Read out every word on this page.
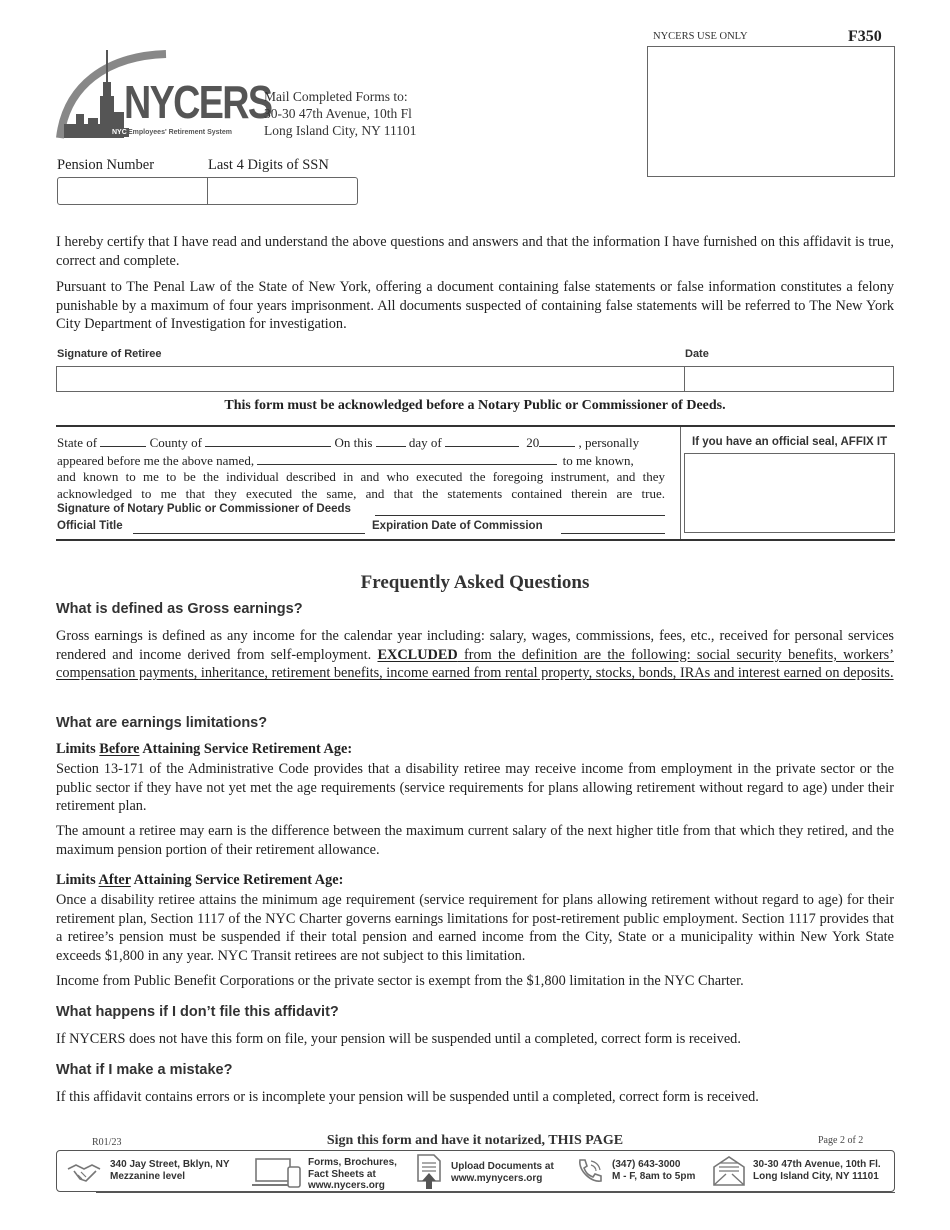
NYCERS
NYC Employees' Retirement System
Mail Completed Forms to:
30-30 47th Avenue, 10th Fl
Long Island City, NY 11101
NYCERS USE ONLY	F350
Pension Number	Last 4 Digits of SSN
I hereby certify that I have read and understand the above questions and answers and that the information I have furnished on this affidavit is true, correct and complete.
Pursuant to The Penal Law of the State of New York, offering a document containing false statements or false information constitutes a felony punishable by a maximum of four years imprisonment. All documents suspected of containing false statements will be referred to The New York City Department of Investigation for investigation.
Signature of Retiree	Date
This form must be acknowledged before a Notary Public or Commissioner of Deeds.
State of	County of	On this	day of	20	, personally
appeared before me the above named,	to me known,
and known to me to be the individual described in and who executed the foregoing instrument, and they
acknowledged to me that they executed the same, and that the statements contained therein are true.
Signature of Notary Public or Commissioner of Deeds
Official Title	Expiration Date of Commission
If you have an official seal, AFFIX IT
Frequently Asked Questions
What is defined as Gross earnings?
Gross earnings is defined as any income for the calendar year including: salary, wages, commissions, fees, etc., received for personal services rendered and income derived from self-employment. EXCLUDED from the definition are the following: social security benefits, workers’ compensation payments, inheritance, retirement benefits, income earned from rental property, stocks, bonds, IRAs and interest earned on deposits.
What are earnings limitations?
Limits Before Attaining Service Retirement Age:
Section 13-171 of the Administrative Code provides that a disability retiree may receive income from employment in the private sector or the public sector if they have not yet met the age requirements (service requirements for plans allowing retirement without regard to age) under their retirement plan.
The amount a retiree may earn is the difference between the maximum current salary of the next higher title from that which they retired, and the maximum pension portion of their retirement allowance.
Limits After Attaining Service Retirement Age:
Once a disability retiree attains the minimum age requirement (service requirement for plans allowing retirement without regard to age) for their retirement plan, Section 1117 of the NYC Charter governs earnings limitations for post-retirement public employment. Section 1117 provides that a retiree’s pension must be suspended if their total pension and earned income from the City, State or a municipality within New York State exceeds $1,800 in any year. NYC Transit retirees are not subject to this limitation.
Income from Public Benefit Corporations or the private sector is exempt from the $1,800 limitation in the NYC Charter.
What happens if I don’t file this affidavit?
If NYCERS does not have this form on file, your pension will be suspended until a completed, correct form is received.
What if I make a mistake?
If this affidavit contains errors or is incomplete your pension will be suspended until a completed, correct form is received.
R01/23	Sign this form and have it notarized, THIS PAGE	Page 2 of 2
340 Jay Street, Bklyn, NY
Mezzanine level
Forms, Brochures,
Fact Sheets at
www.nycers.org
Upload Documents at
www.mynycers.org
(347) 643-3000
M - F, 8am to 5pm
30-30 47th Avenue, 10th Fl.
Long Island City, NY 11101
